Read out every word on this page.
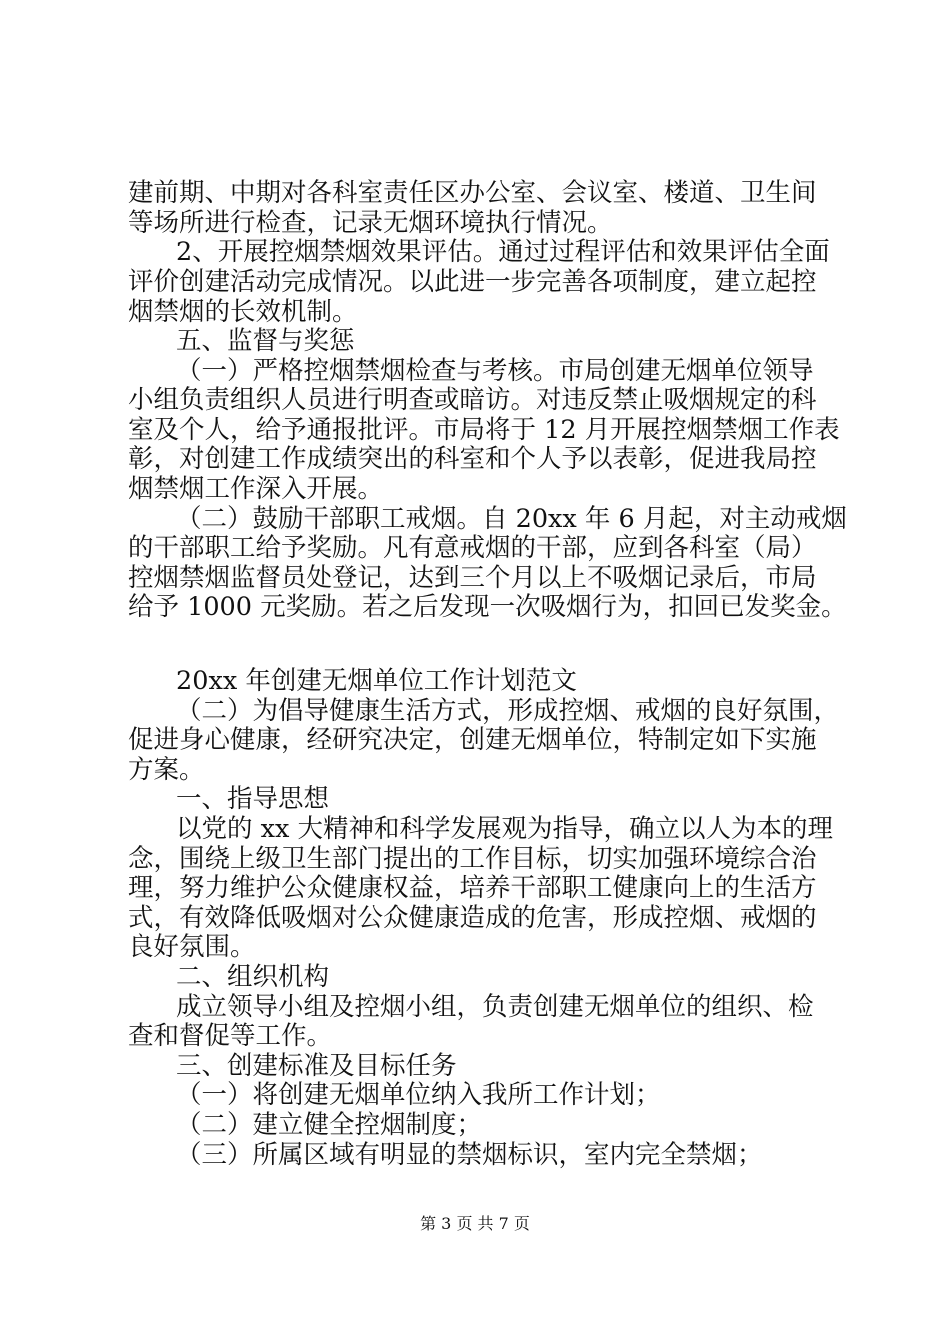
建前期、中期对各科室责任区办公室、会议室、楼道、卫生间
等场所进行检查，记录无烟环境执行情况。
2、开展控烟禁烟效果评估。通过过程评估和效果评估全面
评价创建活动完成情况。以此进一步完善各项制度，建立起控
烟禁烟的长效机制。
五、监督与奖惩
（一）严格控烟禁烟检查与考核。市局创建无烟单位领导
小组负责组织人员进行明查或暗访。对违反禁止吸烟规定的科
室及个人，给予通报批评。市局将于 12 月开展控烟禁烟工作表
彰，对创建工作成绩突出的科室和个人予以表彰，促进我局控
烟禁烟工作深入开展。
（二）鼓励干部职工戒烟。自 20xx 年 6 月起，对主动戒烟
的干部职工给予奖励。凡有意戒烟的干部，应到各科室（局）
控烟禁烟监督员处登记，达到三个月以上不吸烟记录后，市局
给予 1000 元奖励。若之后发现一次吸烟行为，扣回已发奖金。
20xx 年创建无烟单位工作计划范文
（二）为倡导健康生活方式，形成控烟、戒烟的良好氛围，
促进身心健康，经研究决定，创建无烟单位，特制定如下实施
方案。
一、指导思想
以党的 xx 大精神和科学发展观为指导，确立以人为本的理
念，围绕上级卫生部门提出的工作目标，切实加强环境综合治
理，努力维护公众健康权益，培养干部职工健康向上的生活方
式，有效降低吸烟对公众健康造成的危害，形成控烟、戒烟的
良好氛围。
二、组织机构
成立领导小组及控烟小组，负责创建无烟单位的组织、检
查和督促等工作。
三、创建标准及目标任务
（一）将创建无烟单位纳入我所工作计划；
（二）建立健全控烟制度；
（三）所属区域有明显的禁烟标识，室内完全禁烟；
第 3 页 共 7 页
